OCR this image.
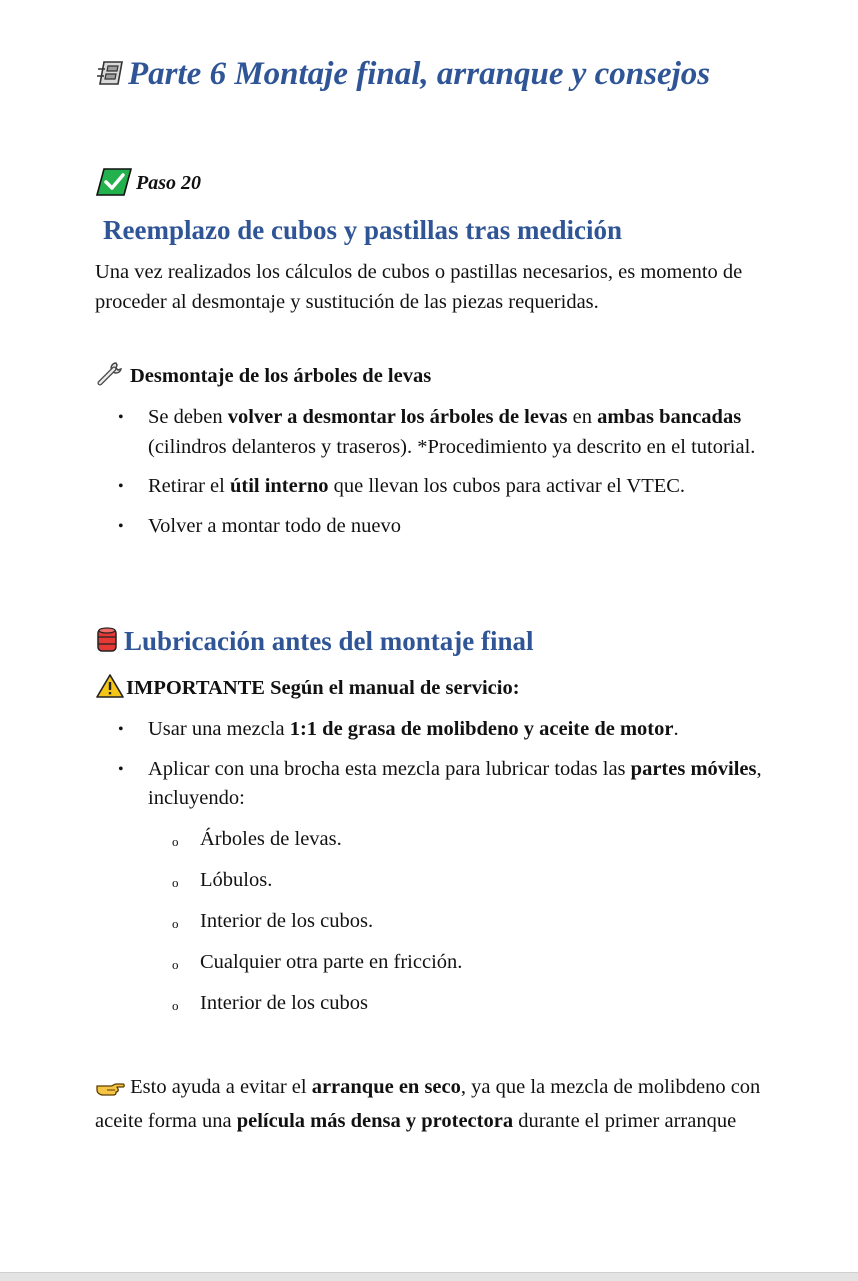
Parte 6 Montaje final, arranque y consejos
Paso 20
Reemplazo de cubos y pastillas tras medición
Una vez realizados los cálculos de cubos o pastillas necesarios, es momento de proceder al desmontaje y sustitución de las piezas requeridas.
Desmontaje de los árboles de levas
• Se deben volver a desmontar los árboles de levas en ambas bancadas (cilindros delanteros y traseros). *Procedimiento ya descrito en el tutorial.
• Retirar el útil interno que llevan los cubos para activar el VTEC.
• Volver a montar todo de nuevo
Lubricación antes del montaje final
IMPORTANTE Según el manual de servicio:
• Usar una mezcla 1:1 de grasa de molibdeno y aceite de motor.
• Aplicar con una brocha esta mezcla para lubricar todas las partes móviles, incluyendo:
o Árboles de levas.
o Lóbulos.
o Interior de los cubos.
o Cualquier otra parte en fricción.
o Interior de los cubos
Esto ayuda a evitar el arranque en seco, ya que la mezcla de molibdeno con aceite forma una película más densa y protectora durante el primer arranque
